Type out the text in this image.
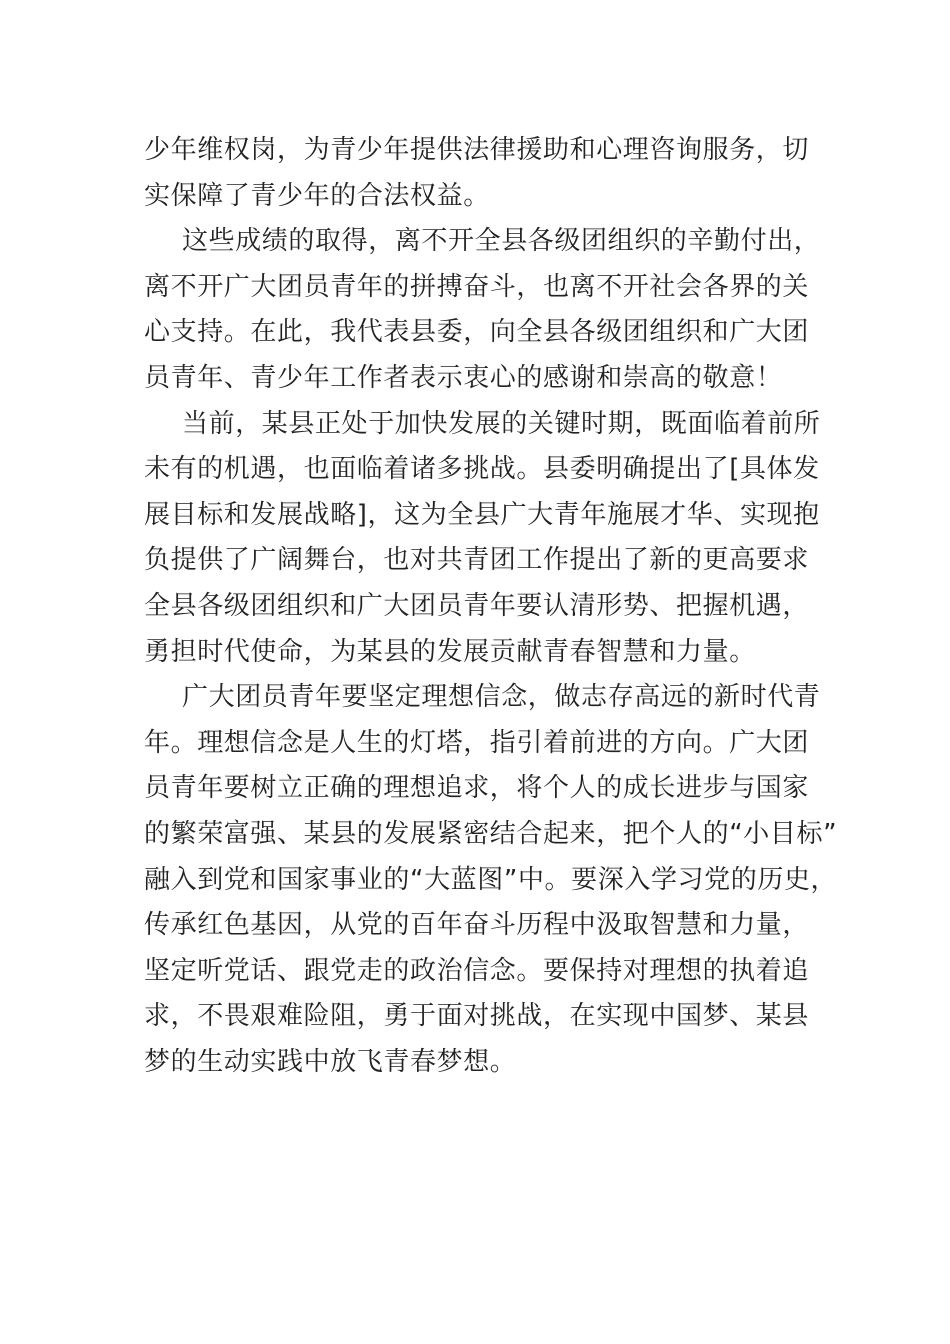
少年维权岗，为青少年提供法律援助和心理咨询服务，切
实保障了青少年的合法权益。

这些成绩的取得，离不开全县各级团组织的辛勤付出，
离不开广大团员青年的拼搏奋斗，也离不开社会各界的关
心支持。在此，我代表县委，向全县各级团组织和广大团
员青年、青少年工作者表示衷心的感谢和崇高的敬意！

当前，某县正处于加快发展的关键时期，既面临着前所
未有的机遇，也面临着诸多挑战。县委明确提出了[具体发
展目标和发展战略]，这为全县广大青年施展才华、实现抱
负提供了广阔舞台，也对共青团工作提出了新的更高要求
全县各级团组织和广大团员青年要认清形势、把握机遇，
勇担时代使命，为某县的发展贡献青春智慧和力量。

广大团员青年要坚定理想信念，做志存高远的新时代青
年。理想信念是人生的灯塔，指引着前进的方向。广大团
员青年要树立正确的理想追求，将个人的成长进步与国家
的繁荣富强、某县的发展紧密结合起来，把个人的“小目标”
融入到党和国家事业的“大蓝图”中。要深入学习党的历史，
传承红色基因，从党的百年奋斗历程中汲取智慧和力量，
坚定听党话、跟党走的政治信念。要保持对理想的执着追
求，不畏艰难险阻，勇于面对挑战，在实现中国梦、某县
梦的生动实践中放飞青春梦想。
